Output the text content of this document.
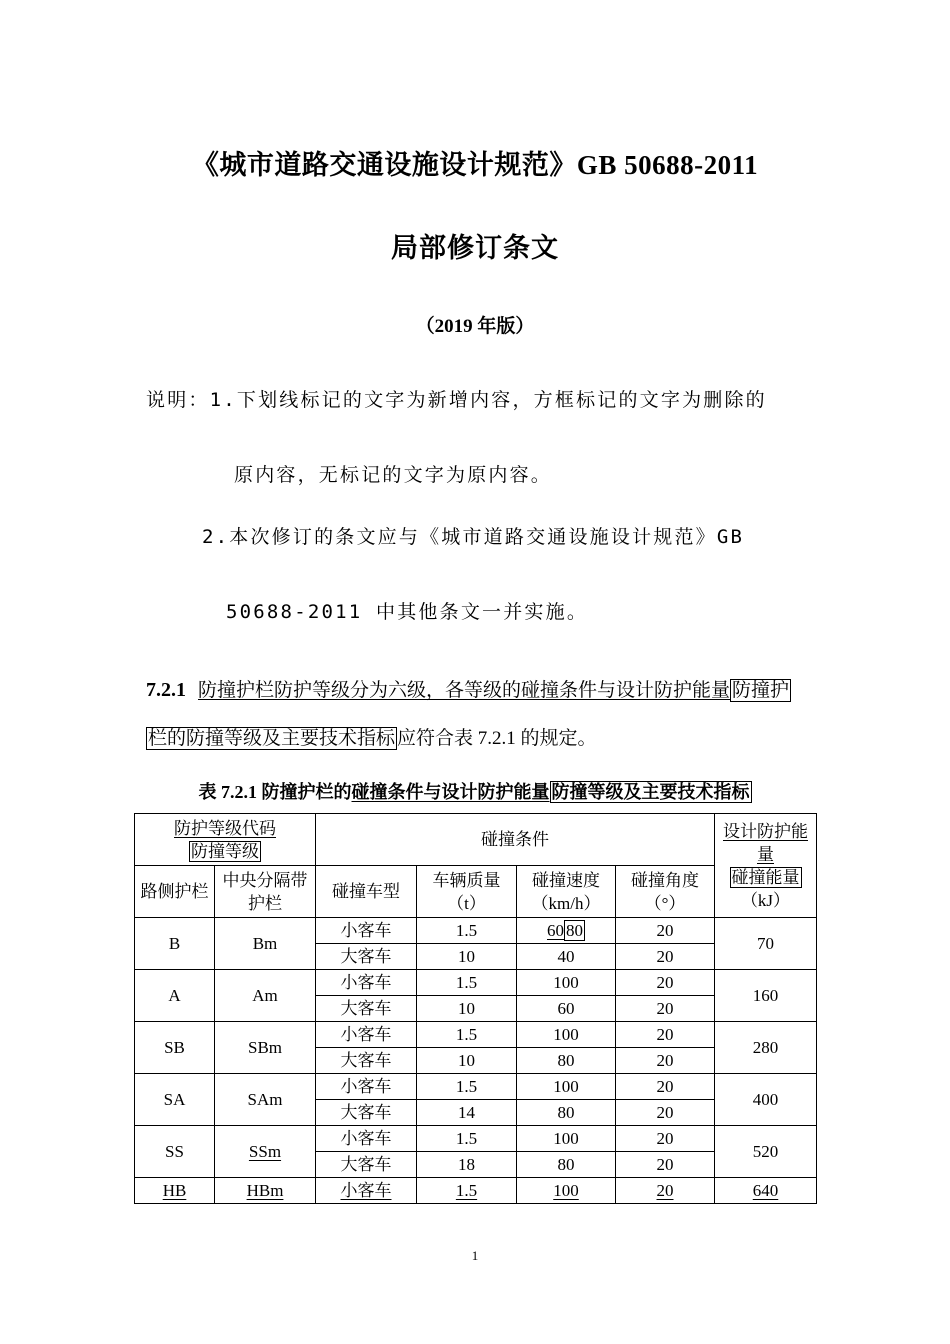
《城市道路交通设施设计规范》GB 50688-2011
局部修订条文
（2019 年版）
说明：1.下划线标记的文字为新增内容，方框标记的文字为删除的
原内容，无标记的文字为原内容。
2.本次修订的条文应与《城市道路交通设施设计规范》GB
50688-2011 中其他条文一并实施。
7.2.1 防撞护栏防护等级分为六级，各等级的碰撞条件与设计防护能量 防撞护
栏的防撞等级及主要技术指标 应符合表 7.2.1 的规定。
表 7.2.1 防撞护栏的碰撞条件与设计防护能量 防撞等级及主要技术指标
防护等级代码
防撞等级		碰撞条件				设计防护能量
碰撞能量
（kJ）
路侧护栏	中央分隔带护栏	碰撞车型	车辆质量
（t）	碰撞速度
（km/h）	碰撞角度
（°）	
B	Bm	小客车	1.5	60 80	20	70
		大客车	10	40	20	
A	Am	小客车	1.5	100	20	160
		大客车	10	60	20	
SB	SBm	小客车	1.5	100	20	280
		大客车	10	80	20	
SA	SAm	小客车	1.5	100	20	400
		大客车	14	80	20	
SS	SSm	小客车	1.5	100	20	520
		大客车	18	80	20	
HB	HBm	小客车	1.5	100	20	640
1
